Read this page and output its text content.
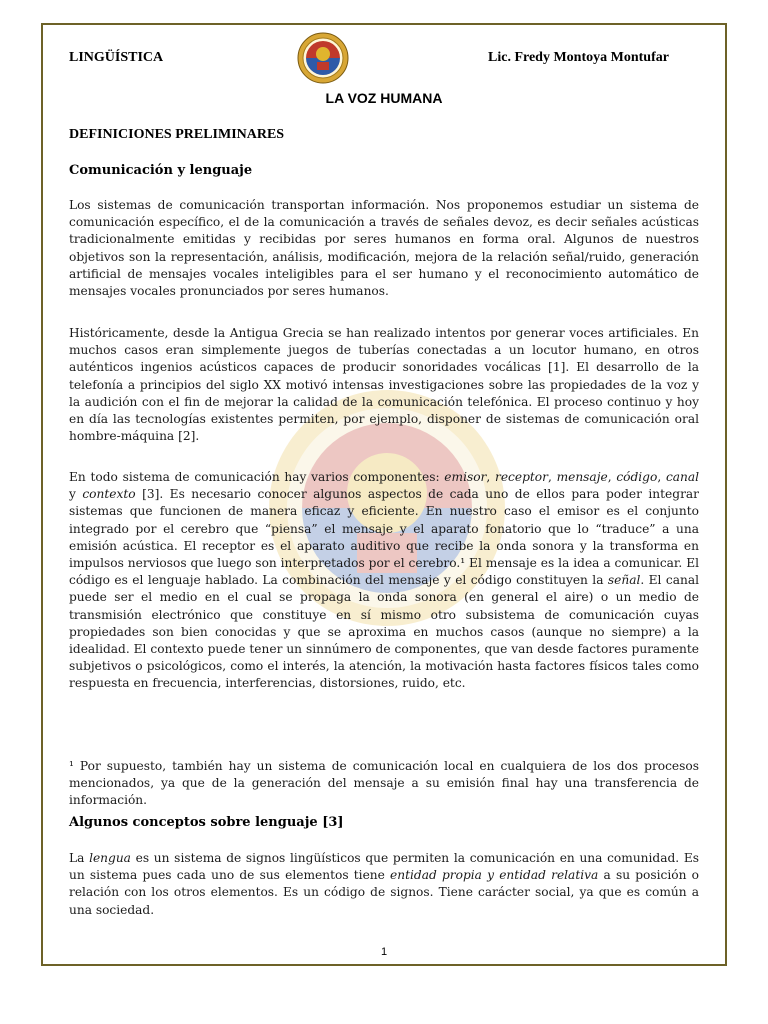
LINGÜÍSTICA	Lic. Fredy Montoya Montufar
LA VOZ HUMANA
DEFINICIONES PRELIMINARES
Comunicación y lenguaje
Los sistemas de comunicación transportan información. Nos proponemos estudiar un sistema de comunicación específico, el de la comunicación a través de señales devoz, es decir señales acústicas tradicionalmente emitidas y recibidas por seres humanos en forma oral. Algunos de nuestros objetivos son la representación, análisis, modificación, mejora de la relación señal/ruido, generación artificial de mensajes vocales inteligibles para el ser humano y el reconocimiento automático de mensajes vocales pronunciados por seres humanos.
Históricamente, desde la Antigua Grecia se han realizado intentos por generar voces artificiales. En muchos casos eran simplemente juegos de tuberías conectadas a un locutor humano, en otros auténticos ingenios acústicos capaces de producir sonoridades vocálicas [1]. El desarrollo de la telefonía a principios del siglo XX motivó intensas investigaciones sobre las propiedades de la voz y la audición con el fin de mejorar la calidad de la comunicación telefónica. El proceso continuo y hoy en día las tecnologías existentes permiten, por ejemplo, disponer de sistemas de comunicación oral hombre-máquina [2].
En todo sistema de comunicación hay varios componentes: emisor, receptor, mensaje, código, canal y contexto [3]. Es necesario conocer algunos aspectos de cada uno de ellos para poder integrar sistemas que funcionen de manera eficaz y eficiente. En nuestro caso el emisor es el conjunto integrado por el cerebro que “piensa” el mensaje y el aparato fonatorio que lo “traduce” a una emisión acústica. El receptor es el aparato auditivo que recibe la onda sonora y la transforma en impulsos nerviosos que luego son interpretados por el cerebro.¹ El mensaje es la idea a comunicar. El código es el lenguaje hablado. La combinación del mensaje y el código constituyen la señal. El canal puede ser el medio en el cual se propaga la onda sonora (en general el aire) o un medio de transmisión electrónico que constituye en sí mismo otro subsistema de comunicación cuyas propiedades son bien conocidas y que se aproxima en muchos casos (aunque no siempre) a la idealidad. El contexto puede tener un sinnúmero de componentes, que van desde factores puramente subjetivos o psicológicos, como el interés, la atención, la motivación hasta factores físicos tales como respuesta en frecuencia, interferencias, distorsiones, ruido, etc.
¹ Por supuesto, también hay un sistema de comunicación local en cualquiera de los dos procesos mencionados, ya que de la generación del mensaje a su emisión final hay una transferencia de información.
Algunos conceptos sobre lenguaje [3]
La lengua es un sistema de signos lingüísticos que permiten la comunicación en una comunidad. Es un sistema pues cada uno de sus elementos tiene entidad propia y entidad relativa a su posición o relación con los otros elementos. Es un código de signos. Tiene carácter social, ya que es común a una sociedad.
1
